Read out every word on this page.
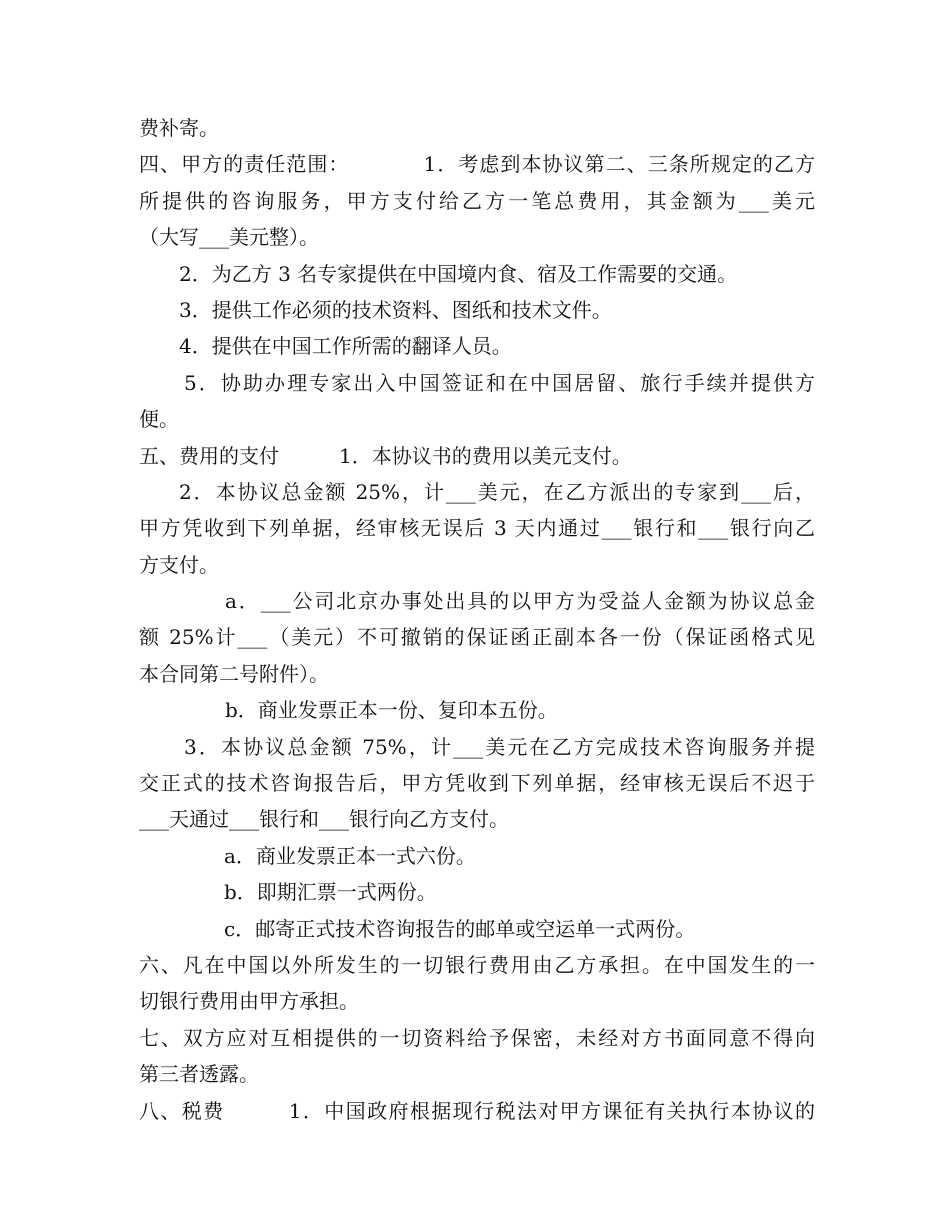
费补寄。
四、甲方的责任范围：　　　　1．考虑到本协议第二、三条所规定的乙方
所提供的咨询服务，甲方支付给乙方一笔总费用，其金额为___美元
（大写___美元整）。
2．为乙方 3 名专家提供在中国境内食、宿及工作需要的交通。
3．提供工作必须的技术资料、图纸和技术文件。
4．提供在中国工作所需的翻译人员。
5．协助办理专家出入中国签证和在中国居留、旅行手续并提供方
便。
五、费用的支付　　　1．本协议书的费用以美元支付。
2．本协议总金额 25%，计___美元，在乙方派出的专家到___后，
甲方凭收到下列单据，经审核无误后 3 天内通过___银行和___银行向乙
方支付。
a．___公司北京办事处出具的以甲方为受益人金额为协议总金
额 25%计___（美元）不可撤销的保证函正副本各一份（保证函格式见
本合同第二号附件）。
b．商业发票正本一份、复印本五份。
3．本协议总金额 75%，计___美元在乙方完成技术咨询服务并提
交正式的技术咨询报告后，甲方凭收到下列单据，经审核无误后不迟于
___天通过___银行和___银行向乙方支付。
a．商业发票正本一式六份。
b．即期汇票一式两份。
c．邮寄正式技术咨询报告的邮单或空运单一式两份。
六、凡在中国以外所发生的一切银行费用由乙方承担。在中国发生的一
切银行费用由甲方承担。
七、双方应对互相提供的一切资料给予保密，未经对方书面同意不得向
第三者透露。
八、税费　　　1．中国政府根据现行税法对甲方课征有关执行本协议的
